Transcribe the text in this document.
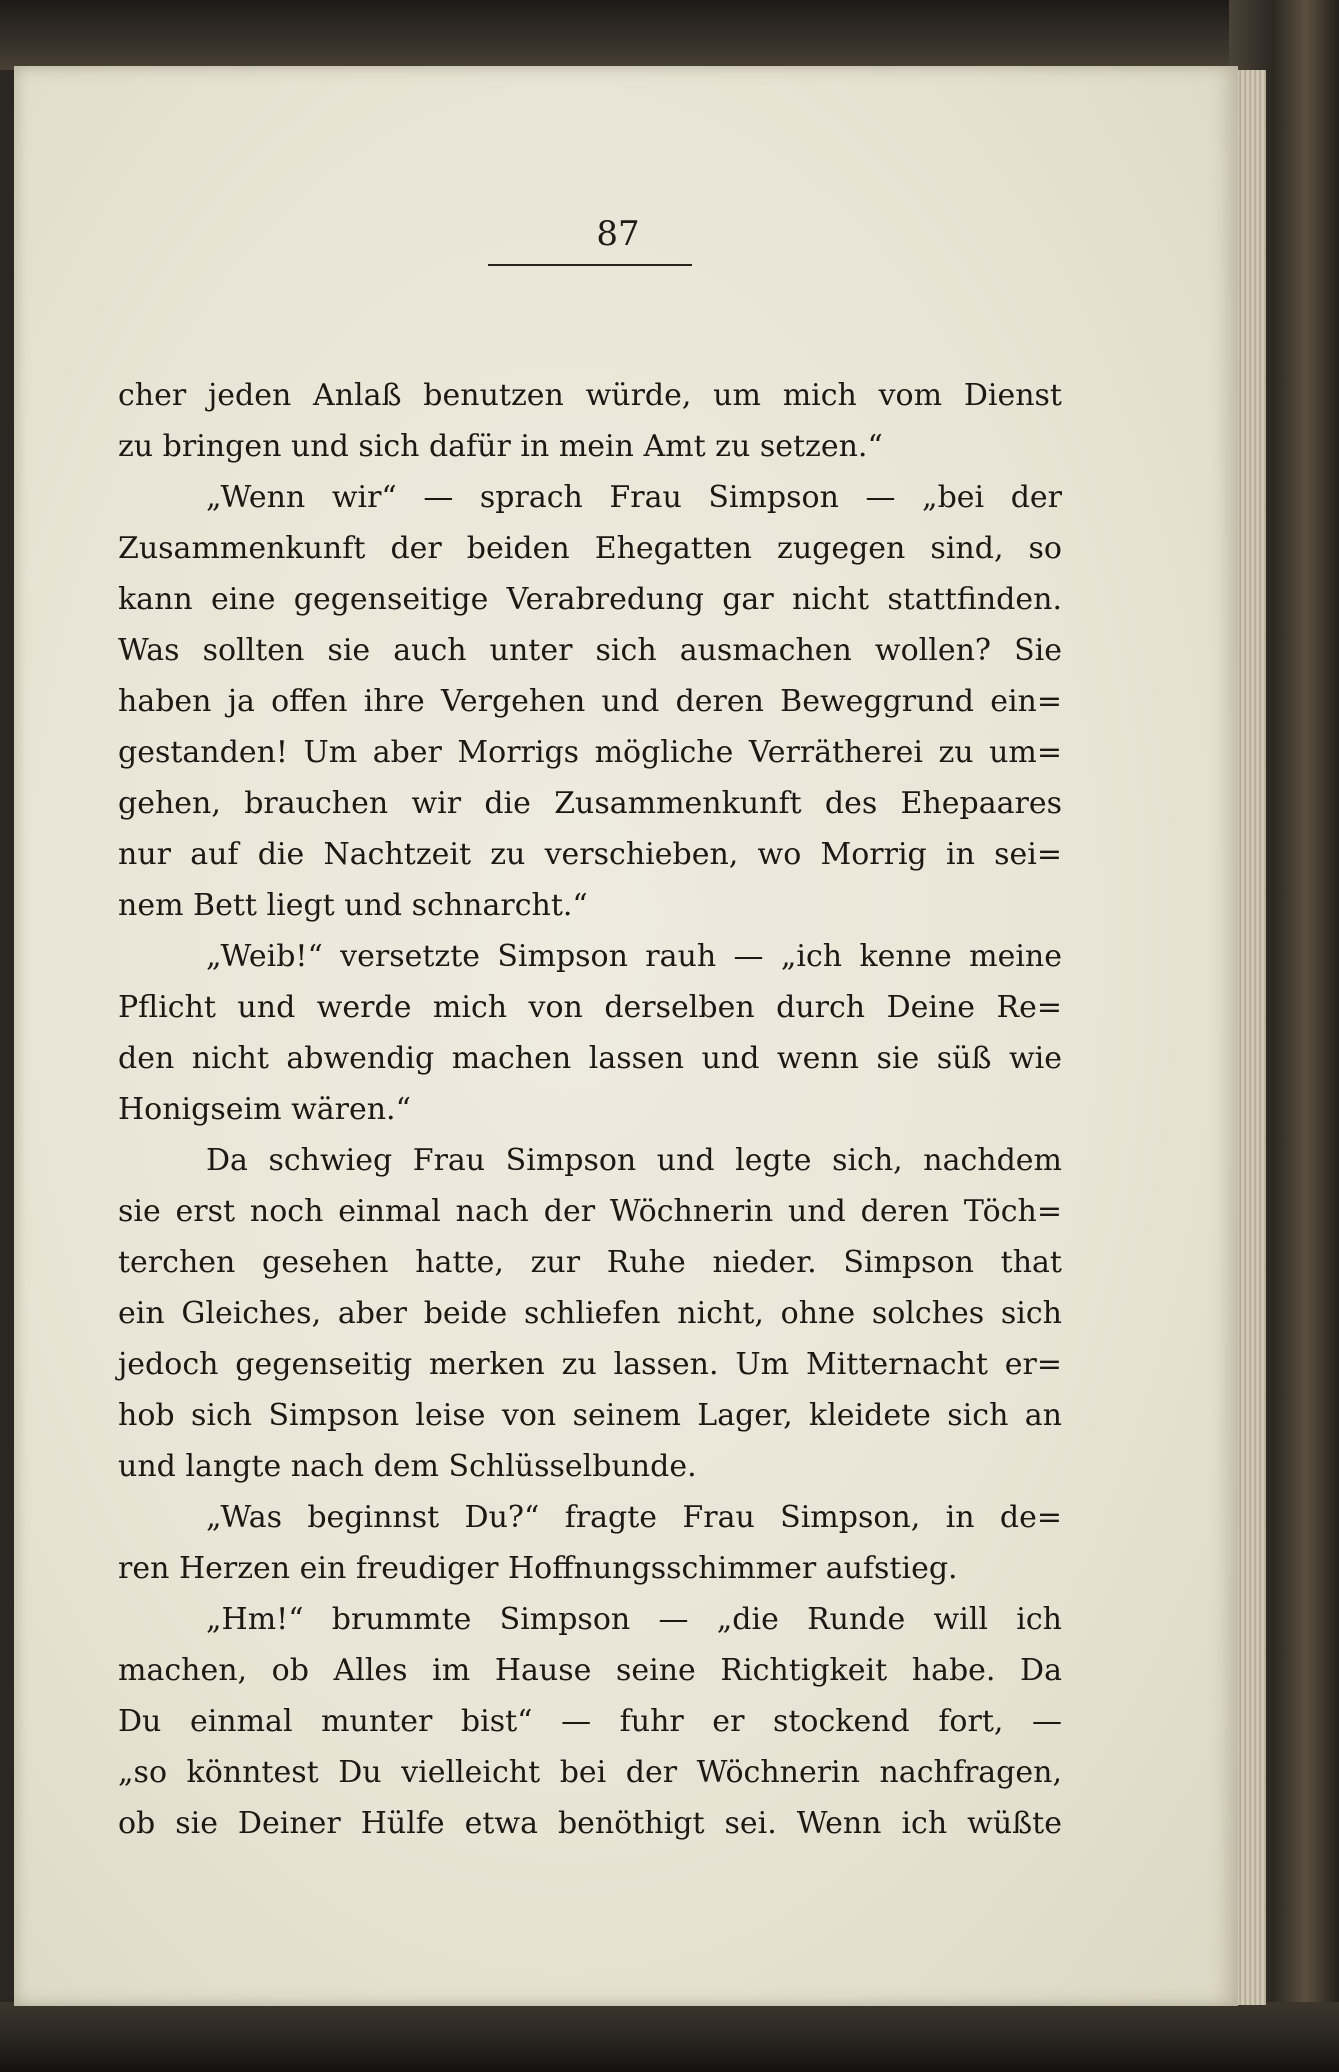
87
cher jeden Anlaß benutzen würde, um mich vom Dienst
zu bringen und sich dafür in mein Amt zu setzen.“
„Wenn wir“ — sprach Frau Simpson — „bei der
Zusammenkunft der beiden Ehegatten zugegen sind, so
kann eine gegenseitige Verabredung gar nicht stattfinden.
Was sollten sie auch unter sich ausmachen wollen? Sie
haben ja offen ihre Vergehen und deren Beweggrund ein=
gestanden! Um aber Morrigs mögliche Verrätherei zu um=
gehen, brauchen wir die Zusammenkunft des Ehepaares
nur auf die Nachtzeit zu verschieben, wo Morrig in sei=
nem Bett liegt und schnarcht.“
„Weib!“ versetzte Simpson rauh — „ich kenne meine
Pflicht und werde mich von derselben durch Deine Re=
den nicht abwendig machen lassen und wenn sie süß wie
Honigseim wären.“
Da schwieg Frau Simpson und legte sich, nachdem
sie erst noch einmal nach der Wöchnerin und deren Töch=
terchen gesehen hatte, zur Ruhe nieder. Simpson that
ein Gleiches, aber beide schliefen nicht, ohne solches sich
jedoch gegenseitig merken zu lassen. Um Mitternacht er=
hob sich Simpson leise von seinem Lager, kleidete sich an
und langte nach dem Schlüsselbunde.
„Was beginnst Du?“ fragte Frau Simpson, in de=
ren Herzen ein freudiger Hoffnungsschimmer aufstieg.
„Hm!“ brummte Simpson — „die Runde will ich
machen, ob Alles im Hause seine Richtigkeit habe. Da
Du einmal munter bist“ — fuhr er stockend fort, —
„so könntest Du vielleicht bei der Wöchnerin nachfragen,
ob sie Deiner Hülfe etwa benöthigt sei. Wenn ich wüßte
